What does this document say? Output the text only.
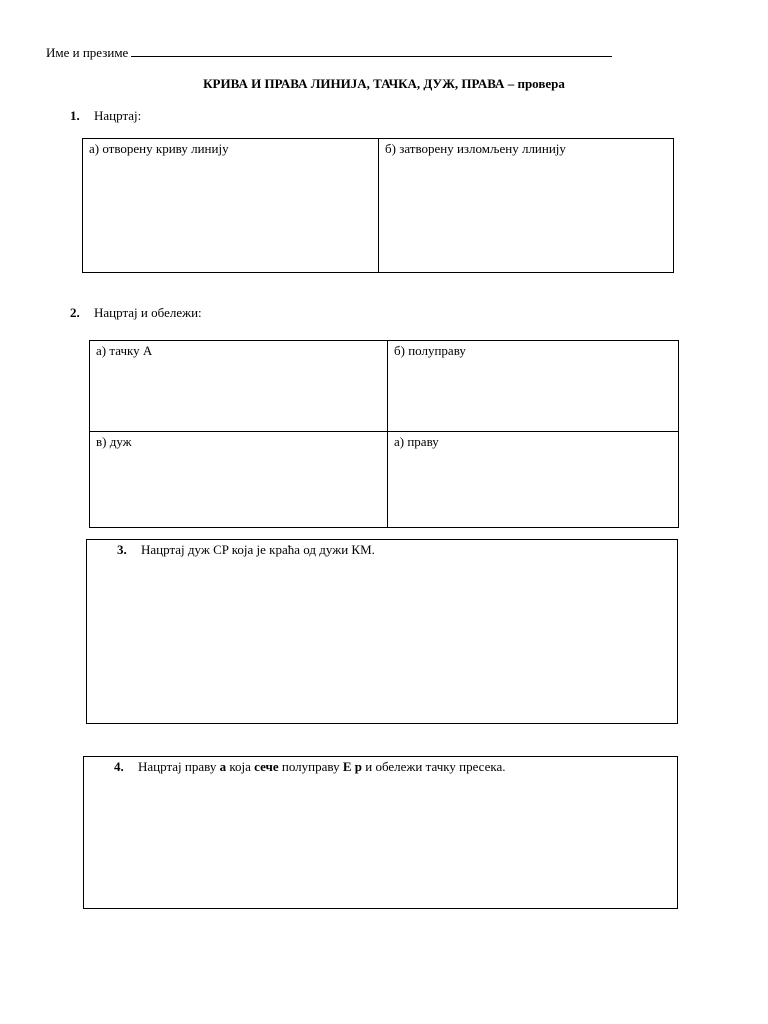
Име и презиме
КРИВА И ПРАВА ЛИНИЈА, ТАЧКА, ДУЖ, ПРАВА – провера
1. Нацртај:
а) отворену криву линију	б) затворену изломљену ллинију
2. Нацртај и обележи:
а) тачку А	б) полуправу
в) дуж	а) праву
3. Нацртај дуж CP која је краћа од дужи КМ.
4. Нацртај праву а која сече полуправу Е р и обележи тачку пресека.
